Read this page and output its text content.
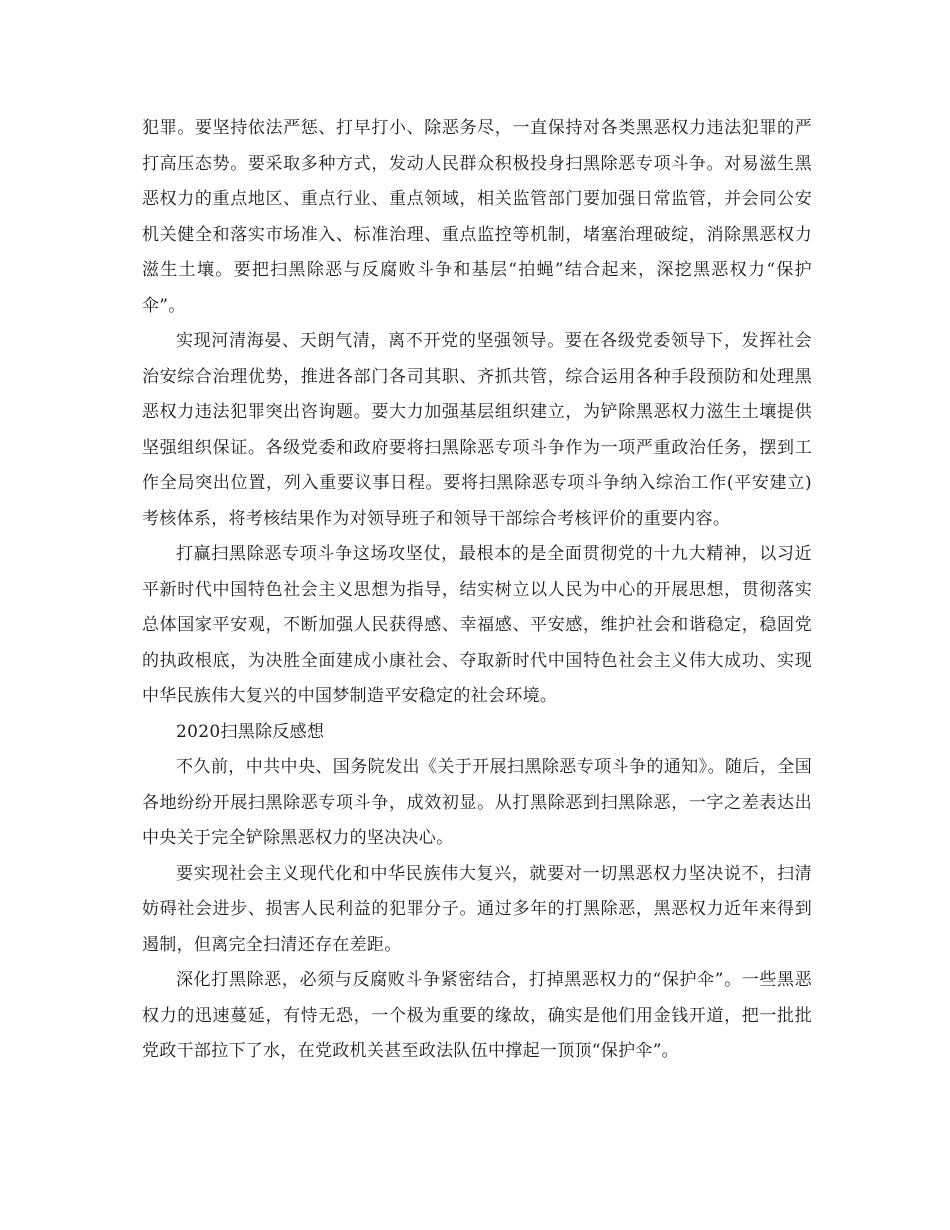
犯罪。要坚持依法严惩、打早打小、除恶务尽，一直保持对各类黑恶权力违法犯罪的严打高压态势。要采取多种方式，发动人民群众积极投身扫黑除恶专项斗争。对易滋生黑恶权力的重点地区、重点行业、重点领域，相关监管部门要加强日常监管，并会同公安机关健全和落实市场准入、标准治理、重点监控等机制，堵塞治理破绽，消除黑恶权力滋生土壤。要把扫黑除恶与反腐败斗争和基层“拍蝇”结合起来，深挖黑恶权力“保护伞”。

实现河清海晏、天朗气清，离不开党的坚强领导。要在各级党委领导下，发挥社会治安综合治理优势，推进各部门各司其职、齐抓共管，综合运用各种手段预防和处理黑恶权力违法犯罪突出咨询题。要大力加强基层组织建立，为铲除黑恶权力滋生土壤提供坚强组织保证。各级党委和政府要将扫黑除恶专项斗争作为一项严重政治任务，摆到工作全局突出位置，列入重要议事日程。要将扫黑除恶专项斗争纳入综治工作(平安建立)考核体系，将考核结果作为对领导班子和领导干部综合考核评价的重要内容。

打赢扫黑除恶专项斗争这场攻坚仗，最根本的是全面贯彻党的十九大精神，以习近平新时代中国特色社会主义思想为指导，结实树立以人民为中心的开展思想，贯彻落实总体国家平安观，不断加强人民获得感、幸福感、平安感，维护社会和谐稳定，稳固党的执政根底，为决胜全面建成小康社会、夺取新时代中国特色社会主义伟大成功、实现中华民族伟大复兴的中国梦制造平安稳定的社会环境。

2020扫黑除反感想

不久前，中共中央、国务院发出《关于开展扫黑除恶专项斗争的通知》。随后，全国各地纷纷开展扫黑除恶专项斗争，成效初显。从打黑除恶到扫黑除恶，一字之差表达出中央关于完全铲除黑恶权力的坚决决心。

要实现社会主义现代化和中华民族伟大复兴，就要对一切黑恶权力坚决说不，扫清妨碍社会进步、损害人民利益的犯罪分子。通过多年的打黑除恶，黑恶权力近年来得到遏制，但离完全扫清还存在差距。

深化打黑除恶，必须与反腐败斗争紧密结合，打掉黑恶权力的“保护伞”。一些黑恶权力的迅速蔓延，有恃无恐，一个极为重要的缘故，确实是他们用金钱开道，把一批批党政干部拉下了水，在党政机关甚至政法队伍中撑起一顶顶“保护伞”。
